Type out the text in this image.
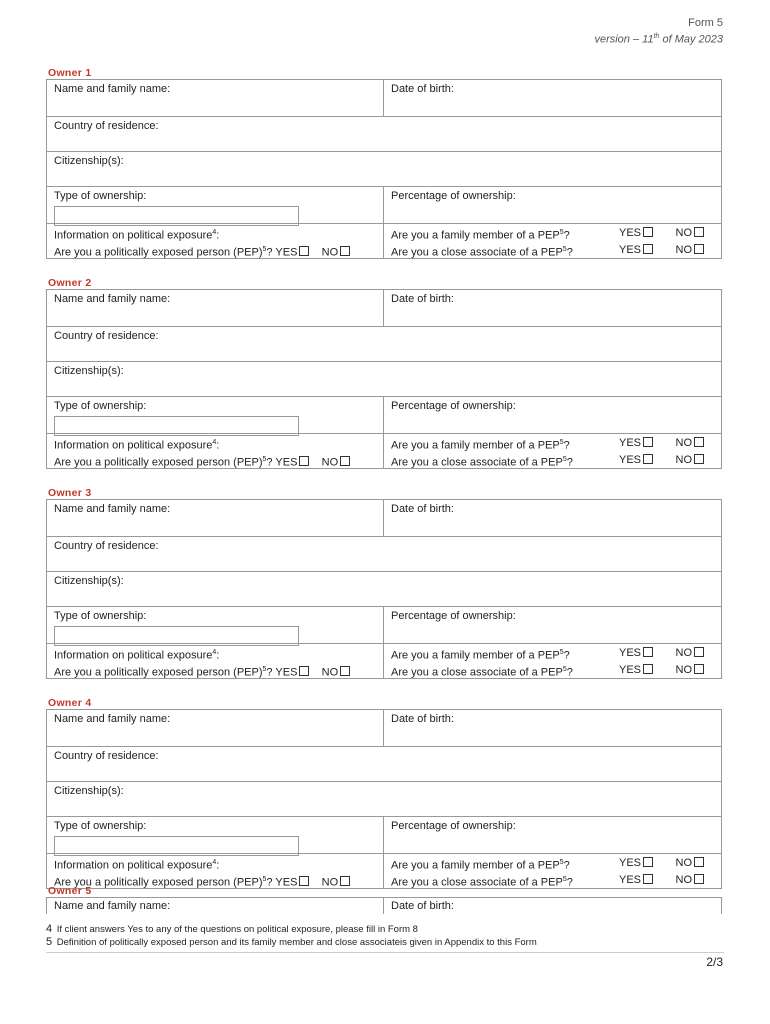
Form 5
version – 11th of May 2023
Owner 1
Name and family name:	Date of birth:
Country of residence:
Citizenship(s):
Type of ownership:	Percentage of ownership:
Information on political exposure$^4$:
Are you a politically exposed person (PEP)$^5$? YES NO
Are you a family member of a PEP$^5$?	YES	NO
Are you a close associate of a PEP$^5$?	YES	NO
Owner 2
Name and family name:	Date of birth:
Country of residence:
Citizenship(s):
Type of ownership:	Percentage of ownership:
Information on political exposure$^4$:
Are you a politically exposed person (PEP)$^5$? YES NO
Are you a family member of a PEP$^5$?	YES	NO
Are you a close associate of a PEP$^5$?	YES	NO
Owner 3
Name and family name:	Date of birth:
Country of residence:
Citizenship(s):
Type of ownership:	Percentage of ownership:
Information on political exposure$^4$:
Are you a politically exposed person (PEP)$^5$? YES NO
Are you a family member of a PEP$^5$?	YES	NO
Are you a close associate of a PEP$^5$?	YES	NO
Owner 4
Name and family name:	Date of birth:
Country of residence:
Citizenship(s):
Type of ownership:	Percentage of ownership:
Information on political exposure$^4$:
Are you a politically exposed person (PEP)$^5$? YES NO
Are you a family member of a PEP$^5$?	YES	NO
Are you a close associate of a PEP$^5$?	YES	NO
Owner 5
Name and family name:	Date of birth:
4 If client answers Yes to any of the questions on political exposure, please fill in Form 8
5 Definition of politically exposed person and its family member and close associateis given in Appendix to this Form
2/3
